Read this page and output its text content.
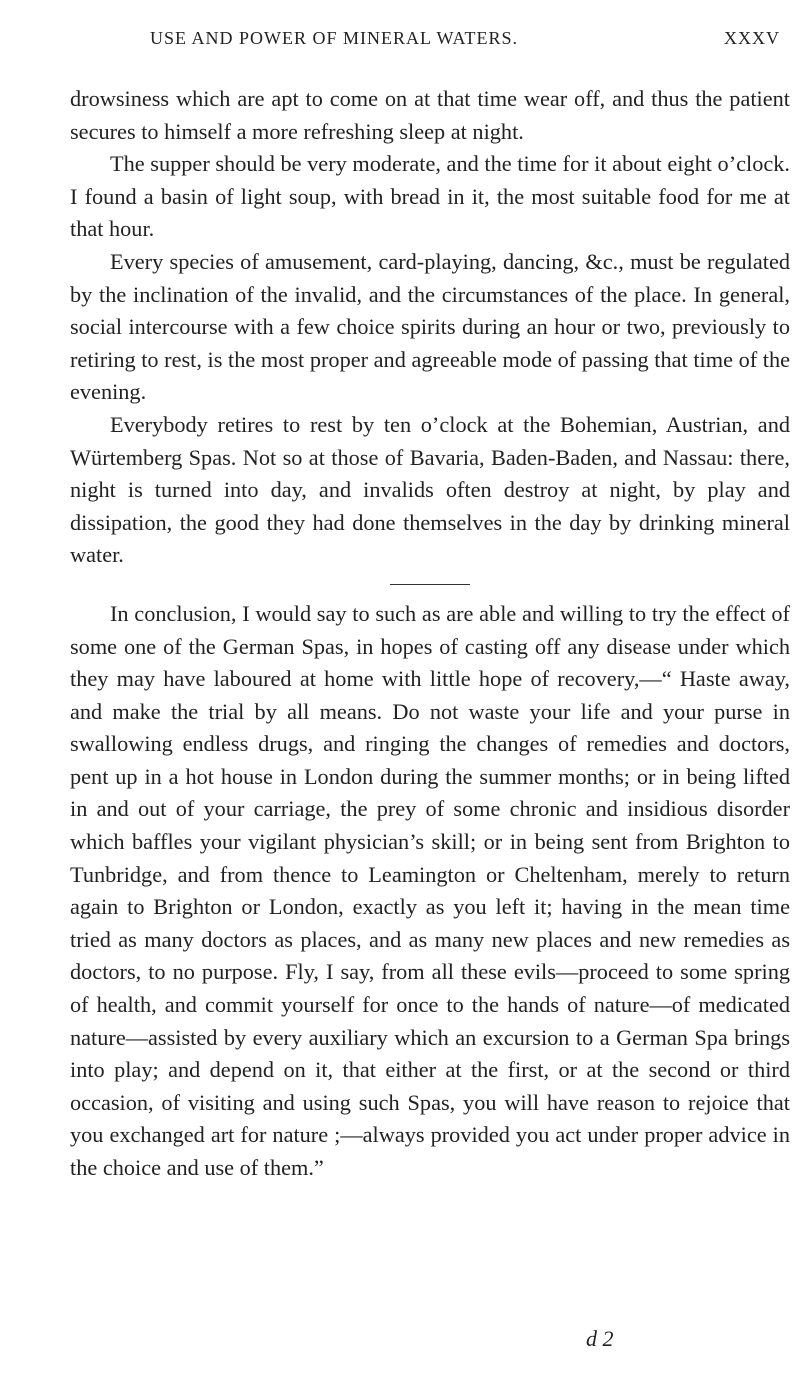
USE AND POWER OF MINERAL WATERS.	XXXV

drowsiness which are apt to come on at that time wear off, and thus the patient secures to himself a more refreshing sleep at night.

The supper should be very moderate, and the time for it about eight o’clock. I found a basin of light soup, with bread in it, the most suitable food for me at that hour.

Every species of amusement, card-playing, dancing, &c., must be regulated by the inclination of the invalid, and the circumstances of the place. In general, social intercourse with a few choice spirits during an hour or two, previously to retiring to rest, is the most proper and agreeable mode of passing that time of the evening.

Everybody retires to rest by ten o’clock at the Bohemian, Austrian, and Würtemberg Spas. Not so at those of Bavaria, Baden-Baden, and Nassau: there, night is turned into day, and invalids often destroy at night, by play and dissipation, the good they had done themselves in the day by drinking mineral water.

In conclusion, I would say to such as are able and willing to try the effect of some one of the German Spas, in hopes of casting off any disease under which they may have laboured at home with little hope of recovery,—“ Haste away, and make the trial by all means. Do not waste your life and your purse in swallowing endless drugs, and ringing the changes of remedies and doctors, pent up in a hot house in London during the summer months; or in being lifted in and out of your carriage, the prey of some chronic and insidious disorder which baffles your vigilant physician’s skill; or in being sent from Brighton to Tunbridge, and from thence to Leamington or Cheltenham, merely to return again to Brighton or London, exactly as you left it; having in the mean time tried as many doctors as places, and as many new places and new remedies as doctors, to no purpose. Fly, I say, from all these evils—proceed to some spring of health, and commit yourself for once to the hands of nature—of medicated nature—assisted by every auxiliary which an excursion to a German Spa brings into play; and depend on it, that either at the first, or at the second or third occasion, of visiting and using such Spas, you will have reason to rejoice that you exchanged art for nature ;—always provided you act under proper advice in the choice and use of them.”

d 2
